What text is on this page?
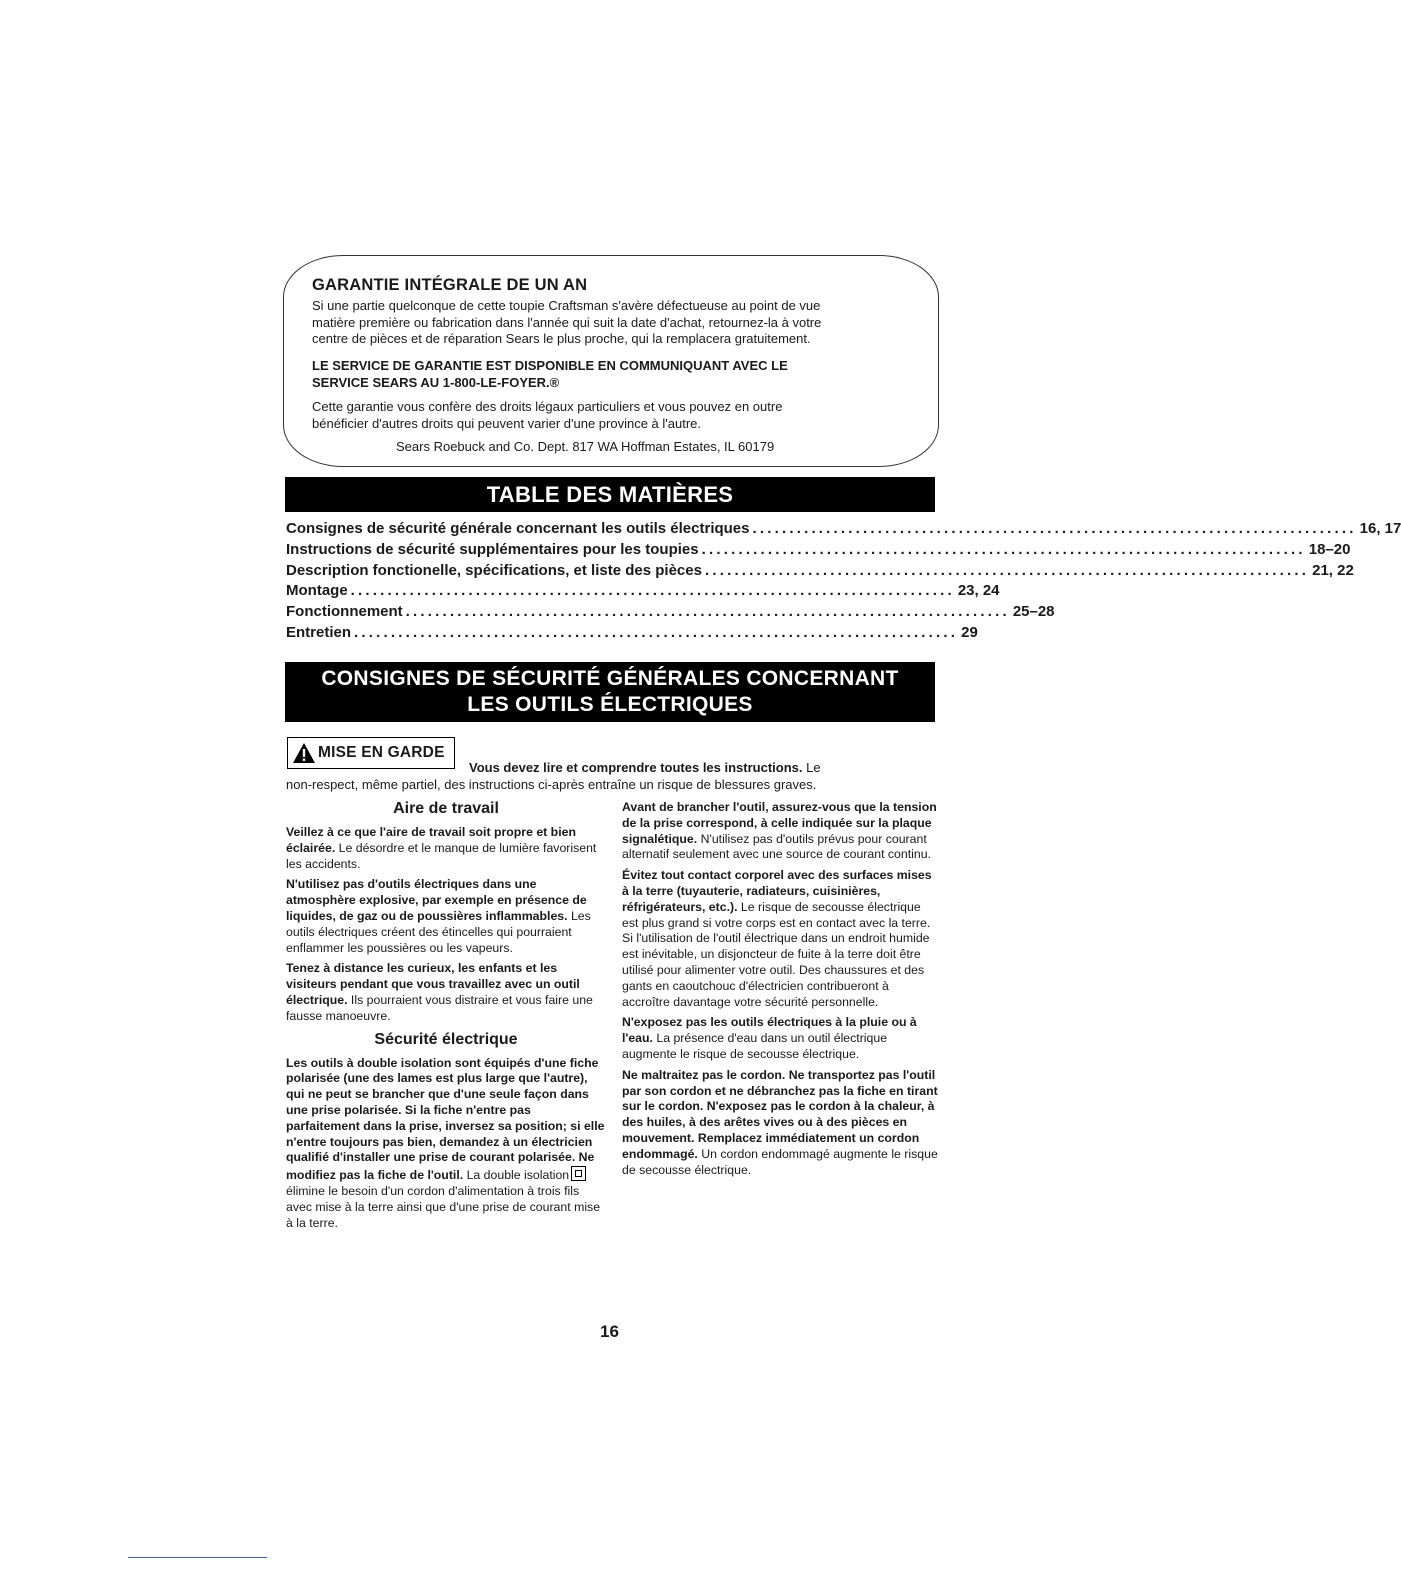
GARANTIE INTÉGRALE DE UN AN
Si une partie quelconque de cette toupie Craftsman s'avère défectueuse au point de vue
matière première ou fabrication dans l'année qui suit la date d'achat, retournez-la à votre
centre de pièces et de réparation Sears le plus proche, qui la remplacera gratuitement.
LE SERVICE DE GARANTIE EST DISPONIBLE EN COMMUNIQUANT AVEC LE
SERVICE SEARS AU 1-800-LE-FOYER.®
Cette garantie vous confère des droits légaux particuliers et vous pouvez en outre
bénéficier d'autres droits qui peuvent varier d'une province à l'autre.
Sears Roebuck and Co. Dept. 817 WA Hoffman Estates, IL 60179
TABLE DES MATIÈRES
Consignes de sécurité générale concernant les outils électriques .................................................................................. 16, 17
Instructions de sécurité supplémentaires pour les toupies .................................................................................. 18–20
Description fonctionelle, spécifications, et liste des pièces .................................................................................. 21, 22
Montage .................................................................................. 23, 24
Fonctionnement .................................................................................. 25–28
Entretien .................................................................................. 29
CONSIGNES DE SÉCURITÉ GÉNÉRALES CONCERNANT
LES OUTILS ÉLECTRIQUES
MISE EN GARDE
Vous devez lire et comprendre toutes les instructions. Le
non-respect, même partiel, des instructions ci-après entraîne un risque de blessures graves.
Aire de travail

Veillez à ce que l'aire de travail soit propre et bien éclairée. Le désordre et le manque de lumière favorisent les accidents.

N'utilisez pas d'outils électriques dans une atmosphère explosive, par exemple en présence de liquides, de gaz ou de poussières inflammables. Les outils électriques créent des étincelles qui pourraient enflammer les poussières ou les vapeurs.

Tenez à distance les curieux, les enfants et les visiteurs pendant que vous travaillez avec un outil électrique. Ils pourraient vous distraire et vous faire une fausse manoeuvre.

Sécurité électrique

Les outils à double isolation sont équipés d'une fiche polarisée (une des lames est plus large que l'autre), qui ne peut se brancher que d'une seule façon dans une prise polarisée. Si la fiche n'entre pas parfaitement dans la prise, inversez sa position; si elle n'entre toujours pas bien, demandez à un électricien qualifié d'installer une prise de courant polarisée. Ne modifiez pas la fiche de l'outil. La double isolationélimine le besoin d'un cordon d'alimentation à trois fils avec mise à la terre ainsi que d'une prise de courant mise à la terre.

Avant de brancher l'outil, assurez-vous que la tension de la prise correspond, à celle indiquée sur la plaque signalétique. N'utilisez pas d'outils prévus pour courant alternatif seulement avec une source de courant continu.

Évitez tout contact corporel avec des surfaces mises à la terre (tuyauterie, radiateurs, cuisinières, réfrigérateurs, etc.). Le risque de secousse électrique est plus grand si votre corps est en contact avec la terre. Si l'utilisation de l'outil électrique dans un endroit humide est inévitable, un disjoncteur de fuite à la terre doit être utilisé pour alimenter votre outil. Des chaussures et des gants en caoutchouc d'électricien contribueront à accroître davantage votre sécurité personnelle.

N'exposez pas les outils électriques à la pluie ou à l'eau. La présence d'eau dans un outil électrique augmente le risque de secousse électrique.

Ne maltraitez pas le cordon. Ne transportez pas l'outil par son cordon et ne débranchez pas la fiche en tirant sur le cordon. N'exposez pas le cordon à la chaleur, à des huiles, à des arêtes vives ou à des pièces en mouvement. Remplacez immédiatement un cordon endommagé. Un cordon endommagé augmente le risque de secousse électrique.

16
